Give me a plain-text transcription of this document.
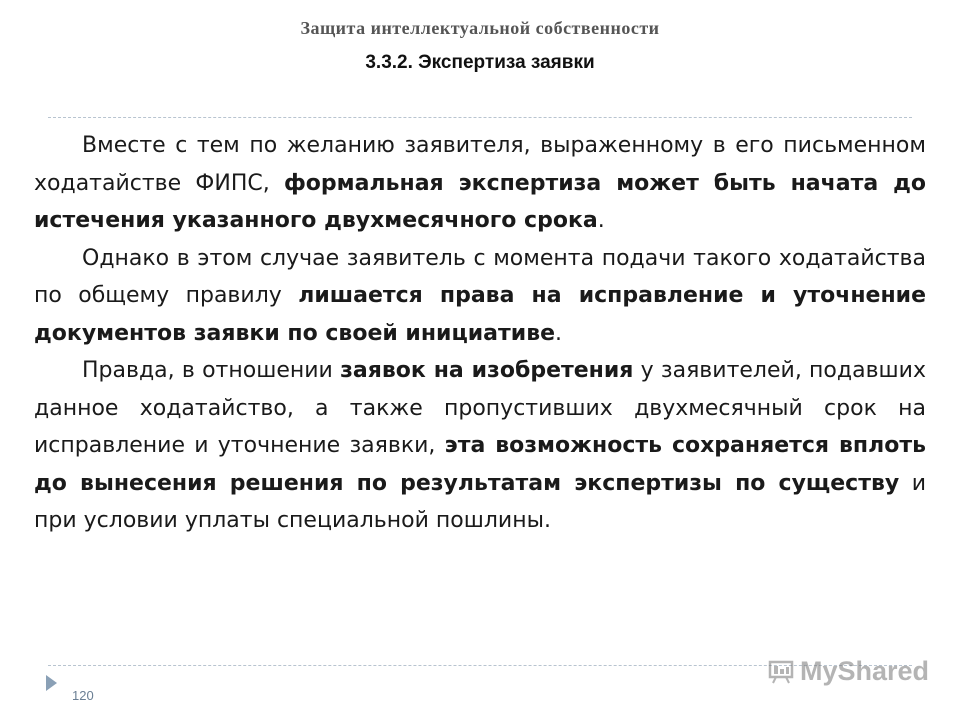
Защита интеллектуальной собственности
3.3.2. Экспертиза заявки

Вместе с тем по желанию заявителя, выраженному в его письменном ходатайстве ФИПС, формальная экспертиза может быть начата до истечения указанного двухмесячного срока.

Однако в этом случае заявитель с момента подачи такого ходатайства по общему правилу лишается права на исправление и уточнение документов заявки по своей инициативе.

Правда, в отношении заявок на изобретения у заявителей, подавших данное ходатайство, а также пропустивших двухмесячный срок на исправление и уточнение заявки, эта возможность сохраняется вплоть до вынесения решения по результатам экспертизы по существу и при условии уплаты специальной пошлины.

120
MyShared
